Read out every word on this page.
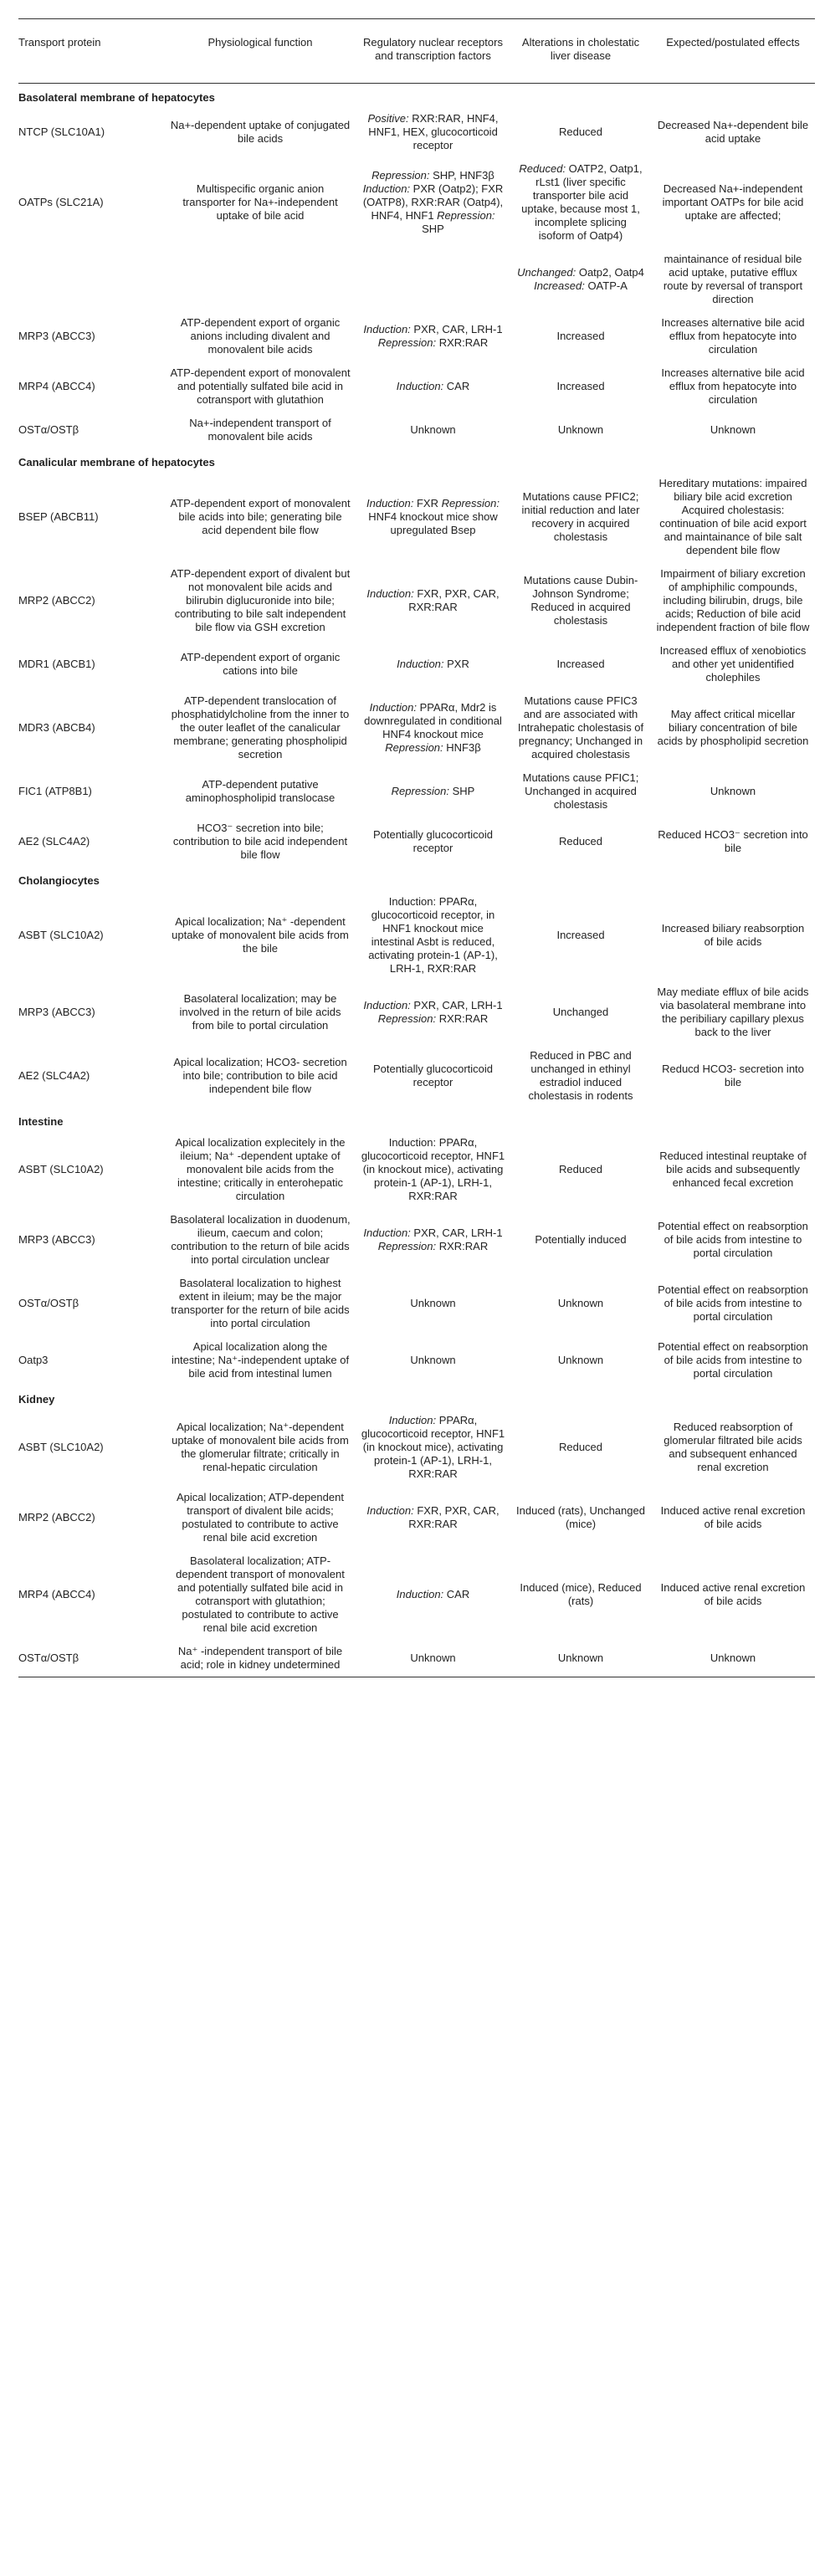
Transport protein	Physiological function	Regulatory nuclear receptors and transcription factors	Alterations in cholestatic liver disease	Expected/postulated effects
Basolateral membrane of hepatocytes				
NTCP (SLC10A1)	Na+-dependent uptake of conjugated bile acids	Positive: RXR:RAR, HNF4, HNF1, HEX, glucocorticoid receptor	Reduced	Decreased Na+-dependent bile acid uptake
OATPs (SLC21A)	Multispecific organic anion transporter for Na+-independent uptake of bile acid	Repression: SHP, HNF3β Induction: PXR (Oatp2); FXR (OATP8), RXR:RAR (Oatp4), HNF4, HNF1 Repression: SHP	Reduced: OATP2, Oatp1, rLst1 (liver specific transporter bile acid uptake, because most 1, incomplete splicing isoform of Oatp4)	Decreased Na+-independent important OATPs for bile acid uptake are affected;
			Unchanged: Oatp2, Oatp4 Increased: OATP-A	maintainance of residual bile acid uptake, putative efflux route by reversal of transport direction
MRP3 (ABCC3)	ATP-dependent export of organic anions including divalent and monovalent bile acids	Induction: PXR, CAR, LRH-1 Repression: RXR:RAR	Increased	Increases alternative bile acid efflux from hepatocyte into circulation
MRP4 (ABCC4)	ATP-dependent export of monovalent and potentially sulfated bile acid in cotransport with glutathion	Induction: CAR	Increased	Increases alternative bile acid efflux from hepatocyte into circulation
OSTα/OSTβ	Na+-independent transport of monovalent bile acids	Unknown	Unknown	Unknown
Canalicular membrane of hepatocytes				
BSEP (ABCB11)	ATP-dependent export of monovalent bile acids into bile; generating bile acid dependent bile flow	Induction: FXR Repression: HNF4 knockout mice show upregulated Bsep	Mutations cause PFIC2; initial reduction and later recovery in acquired cholestasis	Hereditary mutations: impaired biliary bile acid excretion Acquired cholestasis: continuation of bile acid export and maintainance of bile salt dependent bile flow
MRP2 (ABCC2)	ATP-dependent export of divalent but not monovalent bile acids and bilirubin diglucuronide into bile; contributing to bile salt independent bile flow via GSH excretion	Induction: FXR, PXR, CAR, RXR:RAR	Mutations cause Dubin-Johnson Syndrome; Reduced in acquired cholestasis	Impairment of biliary excretion of amphiphilic compounds, including bilirubin, drugs, bile acids; Reduction of bile acid independent fraction of bile flow
MDR1 (ABCB1)	ATP-dependent export of organic cations into bile	Induction: PXR	Increased	Increased efflux of xenobiotics and other yet unidentified cholephiles
MDR3 (ABCB4)	ATP-dependent translocation of phosphatidylcholine from the inner to the outer leaflet of the canalicular membrane; generating phospholipid secretion	Induction: PPARα, Mdr2 is downregulated in conditional HNF4 knockout mice Repression: HNF3β	Mutations cause PFIC3 and are associated with Intrahepatic cholestasis of pregnancy; Unchanged in acquired cholestasis	May affect critical micellar biliary concentration of bile acids by phospholipid secretion
FIC1 (ATP8B1)	ATP-dependent putative aminophospholipid translocase	Repression: SHP	Mutations cause PFIC1; Unchanged in acquired cholestasis	Unknown
AE2 (SLC4A2)	HCO3⁻ secretion into bile; contribution to bile acid independent bile flow	Potentially glucocorticoid receptor	Reduced	Reduced HCO3⁻ secretion into bile
Cholangiocytes				
ASBT (SLC10A2)	Apical localization; Na⁺ -dependent uptake of monovalent bile acids from the bile	Induction: PPARα, glucocorticoid receptor, in HNF1 knockout mice intestinal Asbt is reduced, activating protein-1 (AP-1), LRH-1, RXR:RAR	Increased	Increased biliary reabsorption of bile acids
MRP3 (ABCC3)	Basolateral localization; may be involved in the return of bile acids from bile to portal circulation	Induction: PXR, CAR, LRH-1 Repression: RXR:RAR	Unchanged	May mediate efflux of bile acids via basolateral membrane into the peribiliary capillary plexus back to the liver
AE2 (SLC4A2)	Apical localization; HCO3- secretion into bile; contribution to bile acid independent bile flow	Potentially glucocorticoid receptor	Reduced in PBC and unchanged in ethinyl estradiol induced cholestasis in rodents	Reducd HCO3- secretion into bile
Intestine				
ASBT (SLC10A2)	Apical localization explecitely in the ileium; Na⁺ -dependent uptake of monovalent bile acids from the intestine; critically in enterohepatic circulation	Induction: PPARα, glucocorticoid receptor, HNF1 (in knockout mice), activating protein-1 (AP-1), LRH-1, RXR:RAR	Reduced	Reduced intestinal reuptake of bile acids and subsequently enhanced fecal excretion
MRP3 (ABCC3)	Basolateral localization in duodenum, ilieum, caecum and colon; contribution to the return of bile acids into portal circulation unclear	Induction: PXR, CAR, LRH-1 Repression: RXR:RAR	Potentially induced	Potential effect on reabsorption of bile acids from intestine to portal circulation
OSTα/OSTβ	Basolateral localization to highest extent in ileium; may be the major transporter for the return of bile acids into portal circulation	Unknown	Unknown	Potential effect on reabsorption of bile acids from intestine to portal circulation
Oatp3	Apical localization along the intestine; Na⁺-independent uptake of bile acid from intestinal lumen	Unknown	Unknown	Potential effect on reabsorption of bile acids from intestine to portal circulation
Kidney				
ASBT (SLC10A2)	Apical localization; Na⁺-dependent uptake of monovalent bile acids from the glomerular filtrate; critically in renal-hepatic circulation	Induction: PPARα, glucocorticoid receptor, HNF1 (in knockout mice), activating protein-1 (AP-1), LRH-1, RXR:RAR	Reduced	Reduced reabsorption of glomerular filtrated bile acids and subsequent enhanced renal excretion
MRP2 (ABCC2)	Apical localization; ATP-dependent transport of divalent bile acids; postulated to contribute to active renal bile acid excretion	Induction: FXR, PXR, CAR, RXR:RAR	Induced (rats), Unchanged (mice)	Induced active renal excretion of bile acids
MRP4 (ABCC4)	Basolateral localization; ATP-dependent transport of monovalent and potentially sulfated bile acid in cotransport with glutathion; postulated to contribute to active renal bile acid excretion	Induction: CAR	Induced (mice), Reduced (rats)	Induced active renal excretion of bile acids
OSTα/OSTβ	Na⁺ -independent transport of bile acid; role in kidney undetermined	Unknown	Unknown	Unknown
